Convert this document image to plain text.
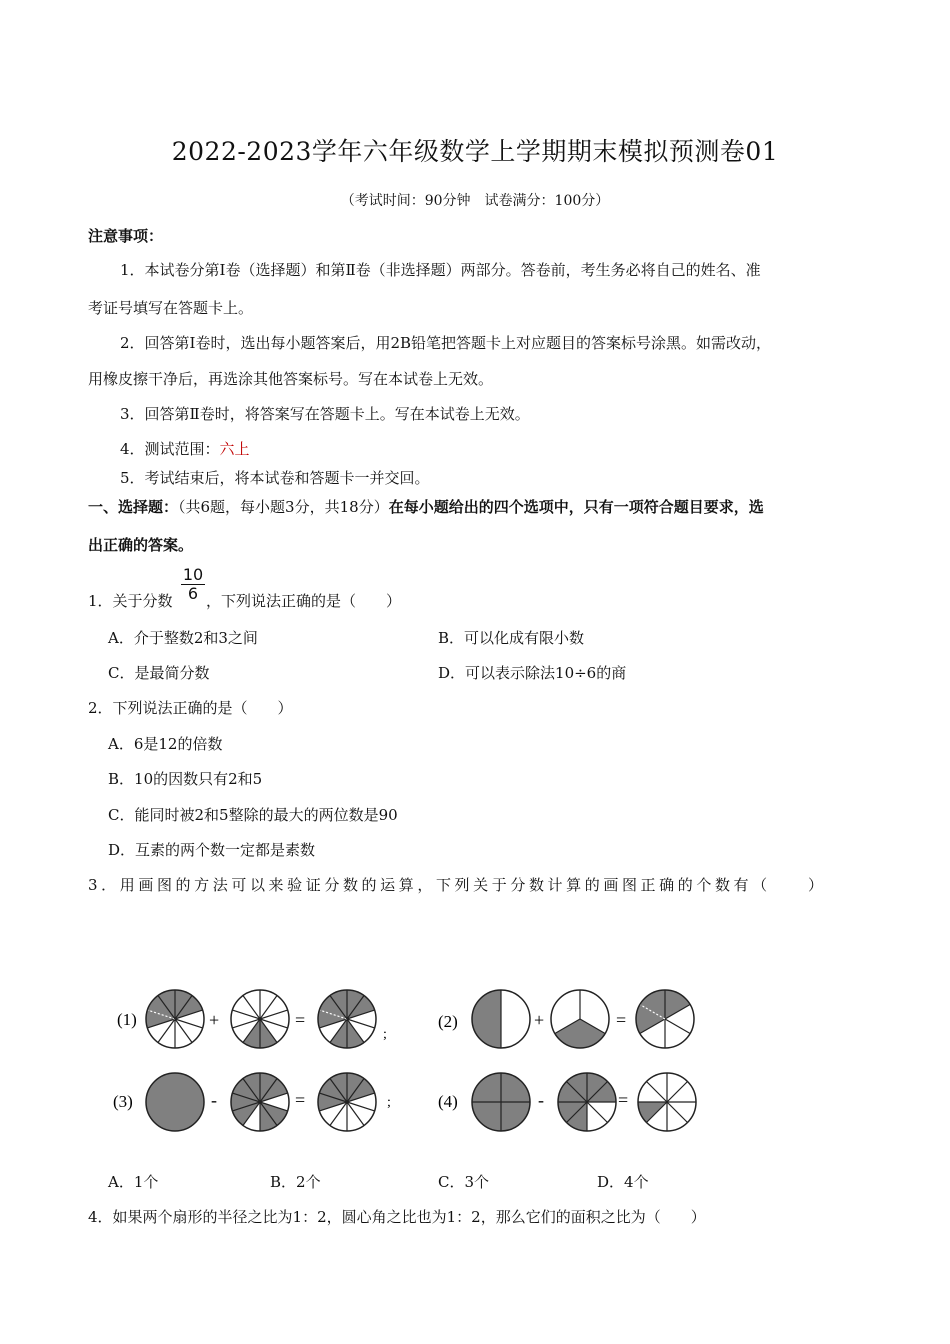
2022-2023学年六年级数学上学期期末模拟预测卷01
（考试时间：90分钟　试卷满分：100分）
注意事项：
1．本试卷分第Ⅰ卷（选择题）和第Ⅱ卷（非选择题）两部分。答卷前，考生务必将自己的姓名、准
考证号填写在答题卡上。
2．回答第Ⅰ卷时，选出每小题答案后，用2B铅笔把答题卡上对应题目的答案标号涂黑。如需改动，
用橡皮擦干净后，再选涂其他答案标号。写在本试卷上无效。
3．回答第Ⅱ卷时，将答案写在答题卡上。写在本试卷上无效。
4．测试范围：六上
5．考试结束后，将本试卷和答题卡一并交回。
一、选择题：（共6题，每小题3分，共18分）在每小题给出的四个选项中，只有一项符合题目要求，选
出正确的答案。
10
6
1．关于分数 ，下列说法正确的是（　　）
A．介于整数2和3之间	B．可以化成有限小数
C．是最简分数	D．可以表示除法10÷6的商
2．下列说法正确的是（　　）
A．6是12的倍数
B．10的因数只有2和5
C．能同时被2和5整除的最大的两位数是90
D．互素的两个数一定都是素数
3．用画图的方法可以来验证分数的运算，下列关于分数计算的画图正确的个数有（　　）
(1)	+	=
;
(2)	+	=
(3)	-	=	;	(4)	-	=
A．1个	B．2个	C．3个	D．4个
4．如果两个扇形的半径之比为1：2，圆心角之比也为1：2，那么它们的面积之比为（　　）
